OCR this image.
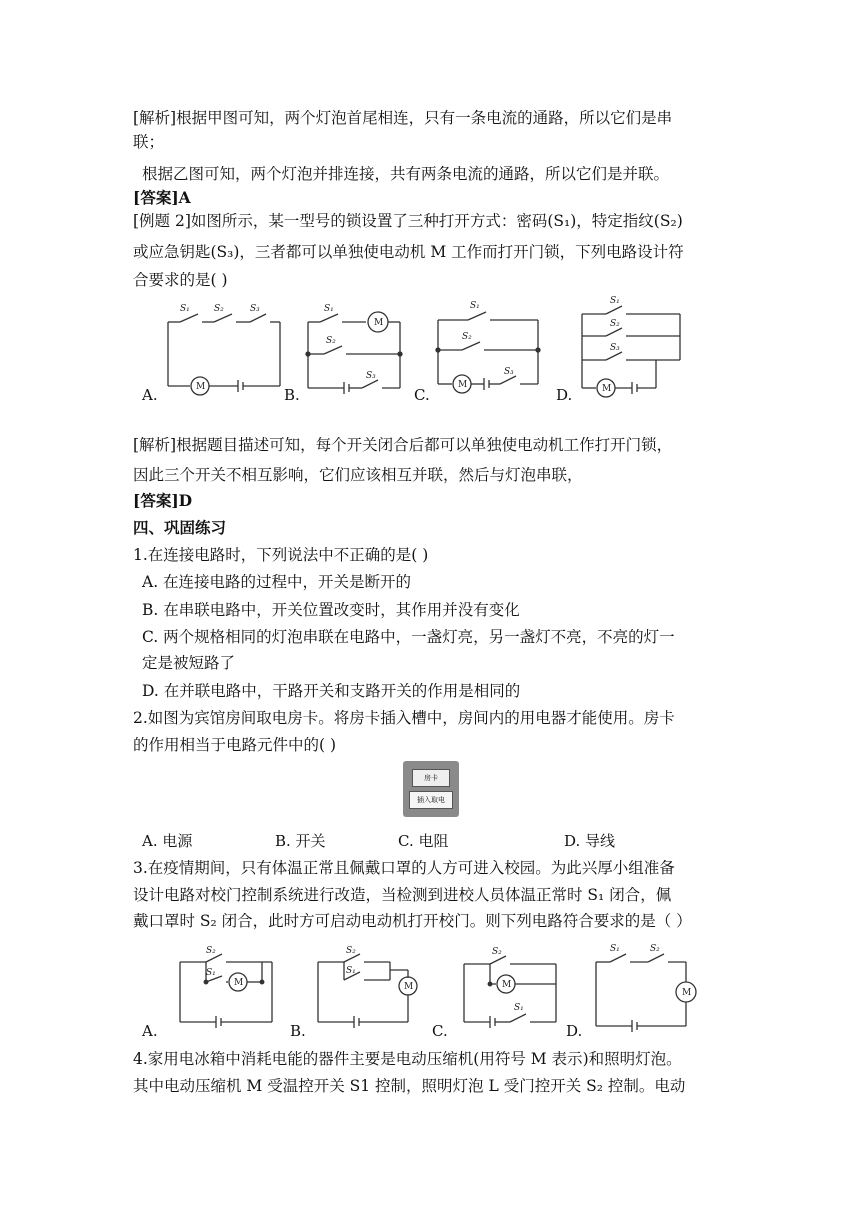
[解析]根据甲图可知，两个灯泡首尾相连，只有一条电流的通路，所以它们是串
联；
根据乙图可知，两个灯泡并排连接，共有两条电流的通路，所以它们是并联。
[答案]A
[例题 2]如图所示，某一型号的锁设置了三种打开方式：密码(S₁)，特定指纹(S₂)
或应急钥匙(S₃)，三者都可以单独使电动机 M 工作而打开门锁，下列电路设计符
合要求的是( )
A.	M
S₁	S₂	S₃
B.
M
S₁
S₂
S₃
C.
M
S₁
S₂
S₃
D.	M
S₁
S₂
S₃
[解析]根据题目描述可知，每个开关闭合后都可以单独使电动机工作打开门锁，
因此三个开关不相互影响，它们应该相互并联，然后与灯泡串联，
[答案]D
四、巩固练习
1.在连接电路时，下列说法中不正确的是( )
A. 在连接电路的过程中，开关是断开的
B. 在串联电路中，开关位置改变时，其作用并没有变化
C. 两个规格相同的灯泡串联在电路中，一盏灯亮，另一盏灯不亮，不亮的灯一
定是被短路了
D. 在并联电路中，干路开关和支路开关的作用是相同的
2.如图为宾馆房间取电房卡。将房卡插入槽中，房间内的用电器才能使用。房卡
的作用相当于电路元件中的( )
房卡
插入取电
A. 电源	B. 开关	C. 电阻	D. 导线
3.在疫情期间，只有体温正常且佩戴口罩的人方可进入校园。为此兴厚小组准备
设计电路对校门控制系统进行改造，当检测到进校人员体温正常时 S₁ 闭合，佩
戴口罩时 S₂ 闭合，此时方可启动电动机打开校门。则下列电路符合要求的是（ ）
A.
M
S₂
S₁
B.
M
S₂
S₁
C.
M
S₂
S₁
D.
M
S₁	S₂
4.家用电冰箱中消耗电能的器件主要是电动压缩机(用符号 M 表示)和照明灯泡。
其中电动压缩机 M 受温控开关 S1 控制，照明灯泡 L 受门控开关 S₂ 控制。电动
